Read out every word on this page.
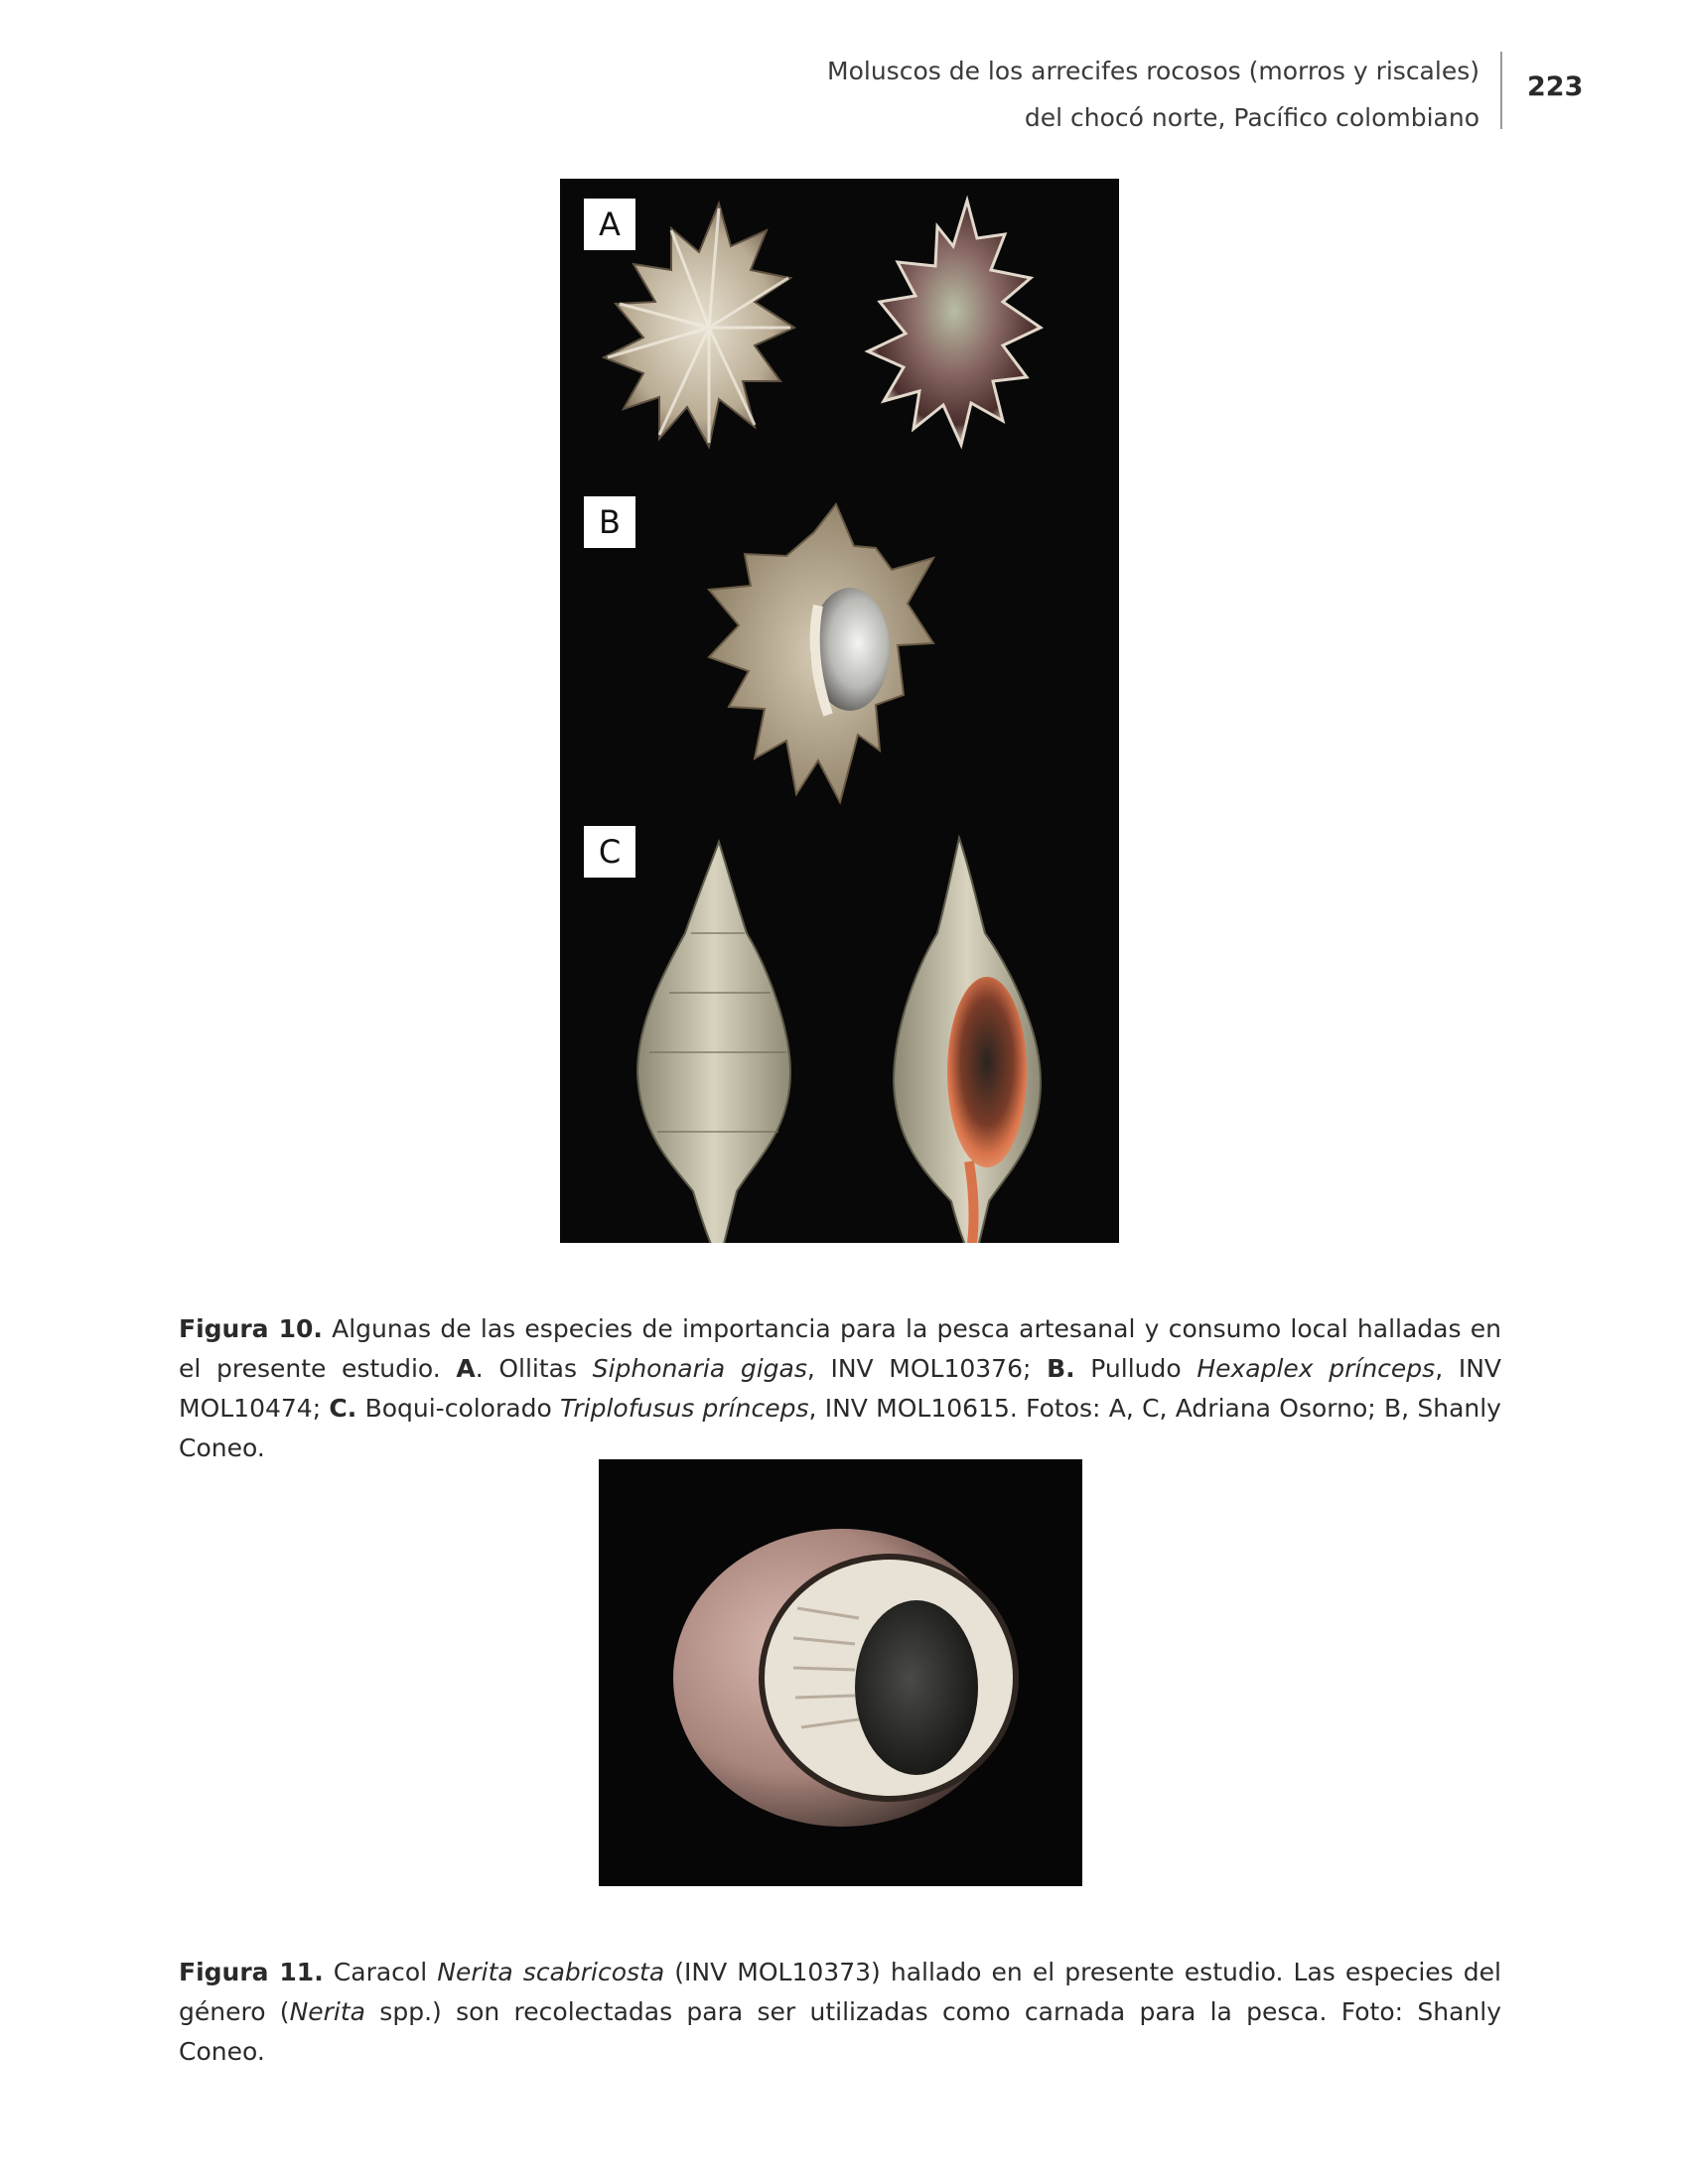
Moluscos de los arrecifes rocosos (morros y riscales)
del chocó norte, Pacífico colombiano
223
A
B
C

Figura 10. Algunas de las especies de importancia para la pesca artesanal y consumo local halladas en el presente estudio. A. Ollitas Siphonaria gigas, INV MOL10376; B. Pulludo Hexaplex prínceps, INV MOL10474; C. Boqui-colorado Triplofusus prínceps, INV MOL10615. Fotos: A, C, Adriana Osorno; B, Shanly Coneo.

Figura 11. Caracol Nerita scabricosta (INV MOL10373) hallado en el presente estudio. Las especies del género (Nerita spp.) son recolectadas para ser utilizadas como carnada para la pesca. Foto: Shanly Coneo.
